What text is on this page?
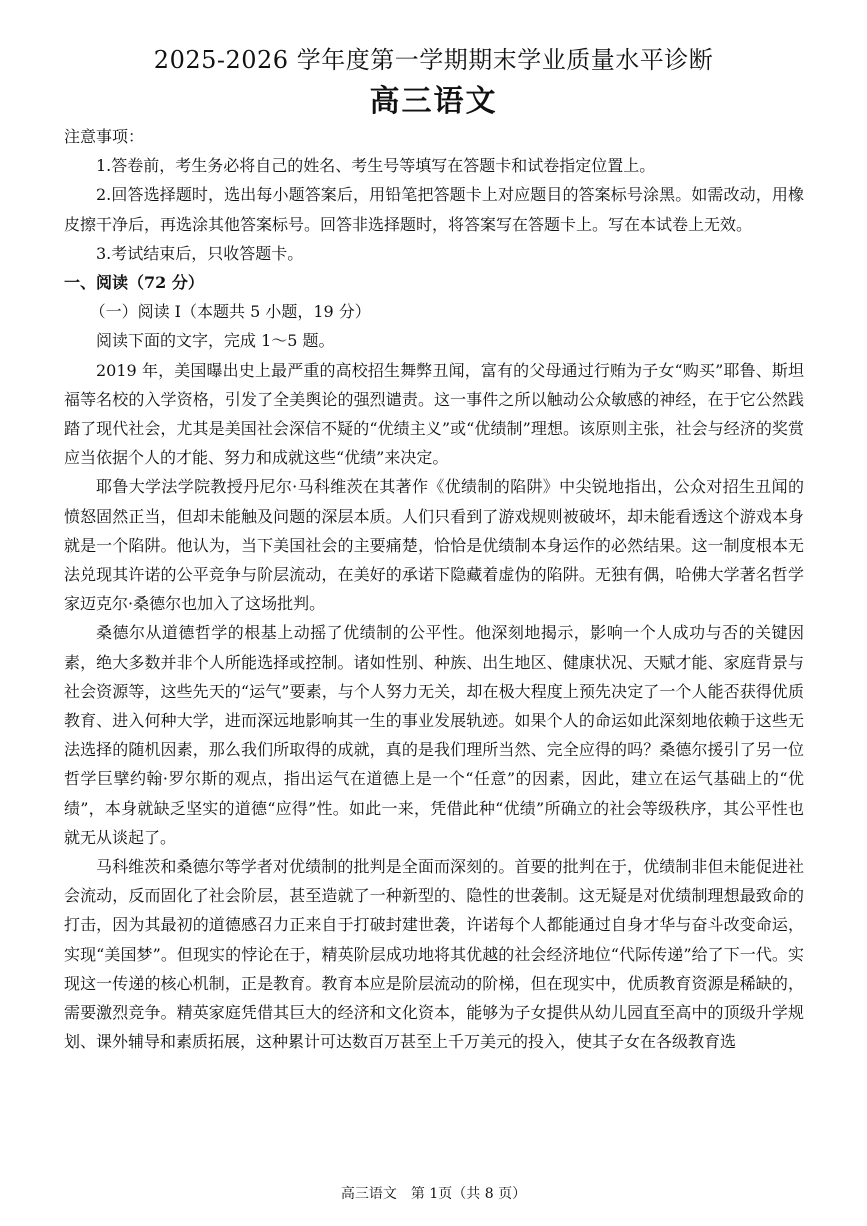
2025-2026 学年度第一学期期末学业质量水平诊断
高三语文

注意事项：

1.答卷前，考生务必将自己的姓名、考生号等填写在答题卡和试卷指定位置上。

2.回答选择题时，选出每小题答案后，用铅笔把答题卡上对应题目的答案标号涂黑。如需改动，用橡皮擦干净后，再选涂其他答案标号。回答非选择题时，将答案写在答题卡上。写在本试卷上无效。

3.考试结束后，只收答题卡。

一、阅读（72 分）

（一）阅读 I（本题共 5 小题，19 分）

阅读下面的文字，完成 1～5 题。

2019 年，美国曝出史上最严重的高校招生舞弊丑闻，富有的父母通过行贿为子女“购买”耶鲁、斯坦福等名校的入学资格，引发了全美舆论的强烈谴责。这一事件之所以触动公众敏感的神经，在于它公然践踏了现代社会，尤其是美国社会深信不疑的“优绩主义”或“优绩制”理想。该原则主张，社会与经济的奖赏应当依据个人的才能、努力和成就这些“优绩”来决定。

耶鲁大学法学院教授丹尼尔·马科维茨在其著作《优绩制的陷阱》中尖锐地指出，公众对招生丑闻的愤怒固然正当，但却未能触及问题的深层本质。人们只看到了游戏规则被破坏，却未能看透这个游戏本身就是一个陷阱。他认为，当下美国社会的主要痛楚，恰恰是优绩制本身运作的必然结果。这一制度根本无法兑现其许诺的公平竞争与阶层流动，在美好的承诺下隐藏着虚伪的陷阱。无独有偶，哈佛大学著名哲学家迈克尔·桑德尔也加入了这场批判。

桑德尔从道德哲学的根基上动摇了优绩制的公平性。他深刻地揭示，影响一个人成功与否的关键因素，绝大多数并非个人所能选择或控制。诸如性别、种族、出生地区、健康状况、天赋才能、家庭背景与社会资源等，这些先天的“运气”要素，与个人努力无关，却在极大程度上预先决定了一个人能否获得优质教育、进入何种大学，进而深远地影响其一生的事业发展轨迹。如果个人的命运如此深刻地依赖于这些无法选择的随机因素，那么我们所取得的成就，真的是我们理所当然、完全应得的吗？桑德尔援引了另一位哲学巨擘约翰·罗尔斯的观点，指出运气在道德上是一个“任意”的因素，因此，建立在运气基础上的“优绩”，本身就缺乏坚实的道德“应得”性。如此一来，凭借此种“优绩”所确立的社会等级秩序，其公平性也就无从谈起了。

马科维茨和桑德尔等学者对优绩制的批判是全面而深刻的。首要的批判在于，优绩制非但未能促进社会流动，反而固化了社会阶层，甚至造就了一种新型的、隐性的世袭制。这无疑是对优绩制理想最致命的打击，因为其最初的道德感召力正来自于打破封建世袭，许诺每个人都能通过自身才华与奋斗改变命运，实现“美国梦”。但现实的悖论在于，精英阶层成功地将其优越的社会经济地位“代际传递”给了下一代。实现这一传递的核心机制，正是教育。教育本应是阶层流动的阶梯，但在现实中，优质教育资源是稀缺的，需要激烈竞争。精英家庭凭借其巨大的经济和文化资本，能够为子女提供从幼儿园直至高中的顶级升学规划、课外辅导和素质拓展，这种累计可达数百万甚至上千万美元的投入，使其子女在各级教育选

高三语文　第 1页（共 8 页）
